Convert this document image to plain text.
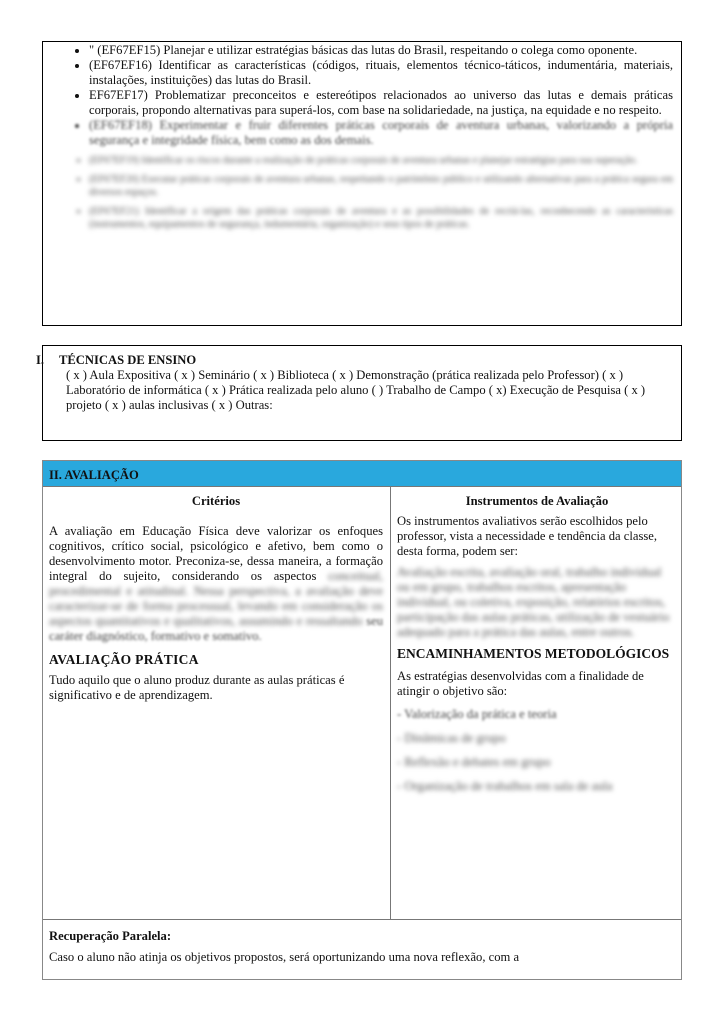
• " (EF67EF15) Planejar e utilizar estratégias básicas das lutas do Brasil, respeitando o colega como oponente.
• (EF67EF16) Identificar as características (códigos, rituais, elementos técnico-táticos, indumentária, materiais, instalações, instituições) das lutas do Brasil.
• EF67EF17) Problematizar preconceitos e estereótipos relacionados ao universo das lutas e demais práticas corporais, propondo alternativas para superá-los, com base na solidariedade, na justiça, na equidade e no respeito.
• (EF67EF18) Experimentar e fruir diferentes práticas corporais de aventura urbanas, valorizando a própria segurança e integridade física, bem como as dos demais.
• (EF67EF19) Identificar os riscos durante a realização de práticas corporais de aventura urbanas e planejar estratégias para sua superação.
• (EF67EF20) Executar práticas corporais de aventura urbanas, respeitando o patrimônio público e utilizando alternativas para a prática segura em diversos espaços.
• (EF67EF21) Identificar a origem das práticas corporais de aventura e as possibilidades de recriá-las, reconhecendo as características (instrumentos, equipamentos de segurança, indumentária, organização) e seus tipos de práticas.
I. TÉCNICAS DE ENSINO
( x ) Aula Expositiva ( x ) Seminário ( x ) Biblioteca ( x ) Demonstração (prática realizada pelo Professor) ( x ) Laboratório de informática ( x ) Prática realizada pelo aluno ( ) Trabalho de Campo ( x) Execução de Pesquisa ( x ) projeto ( x ) aulas inclusivas ( x ) Outras:
II. AVALIAÇÃO
Critérios
A avaliação em Educação Física deve valorizar os enfoques cognitivos, crítico social, psicológico e afetivo, bem como o desenvolvimento motor. Preconiza-se, dessa maneira, a formação integral do sujeito, considerando os aspectos conceitual, procedimental e atitudinal. Nessa perspectiva, a avaliação deve caracterizar-se de forma processual, levando em consideração os aspectos quantitativos e qualitativos, assumindo e ressaltando seu caráter diagnóstico, formativo e somativo.
AVALIAÇÃO PRÁTICA
Tudo aquilo que o aluno produz durante as aulas práticas é significativo e de aprendizagem.
Instrumentos de Avaliação
Os instrumentos avaliativos serão escolhidos pelo professor, vista a necessidade e tendência da classe, desta forma, podem ser:
Avaliação escrita, avaliação oral, trabalho individual ou em grupo, trabalhos escritos, apresentação individual, ou coletiva, exposição, relatórios escritos, participação das aulas práticas, utilização de vestuário adequado para a prática das aulas, entre outros.
ENCAMINHAMENTOS METODOLÓGICOS
As estratégias desenvolvidas com a finalidade de atingir o objetivo são:
- Valorização da prática e teoria
- Dinâmicas de grupo
- Reflexão e debates em grupo
- Organização de trabalhos em sala de aula
Recuperação Paralela:
Caso o aluno não atinja os objetivos propostos, será oportunizando uma nova reflexão, com a
